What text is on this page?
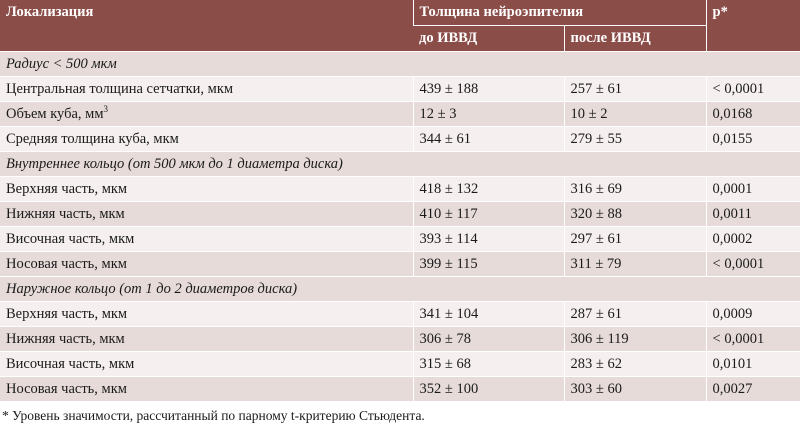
Локализация	Толщина нейроэпителия		p*
	до ИВВД	после ИВВД	
Радиус < 500 мкм			
Центральная толщина сетчатки, мкм	439 ± 188	257 ± 61	< 0,0001
Объем куба, $мм^3$	12 ± 3	10 ± 2	0,0168
Средняя толщина куба, мкм	344 ± 61	279 ± 55	0,0155
Внутреннее кольцо (от 500 мкм до 1 диаметра диска)			
Верхняя часть, мкм	418 ± 132	316 ± 69	0,0001
Нижняя часть, мкм	410 ± 117	320 ± 88	0,0011
Височная часть, мкм	393 ± 114	297 ± 61	0,0002
Носовая часть, мкм	399 ± 115	311 ± 79	< 0,0001
Наружное кольцо (от 1 до 2 диаметров диска)			
Верхняя часть, мкм	341 ± 104	287 ± 61	0,0009
Нижняя часть, мкм	306 ± 78	306 ± 119	< 0,0001
Височная часть, мкм	315 ± 68	283 ± 62	0,0101
Носовая часть, мкм	352 ± 100	303 ± 60	0,0027
* Уровень значимости, рассчитанный по парному t-критерию Стьюдента.
